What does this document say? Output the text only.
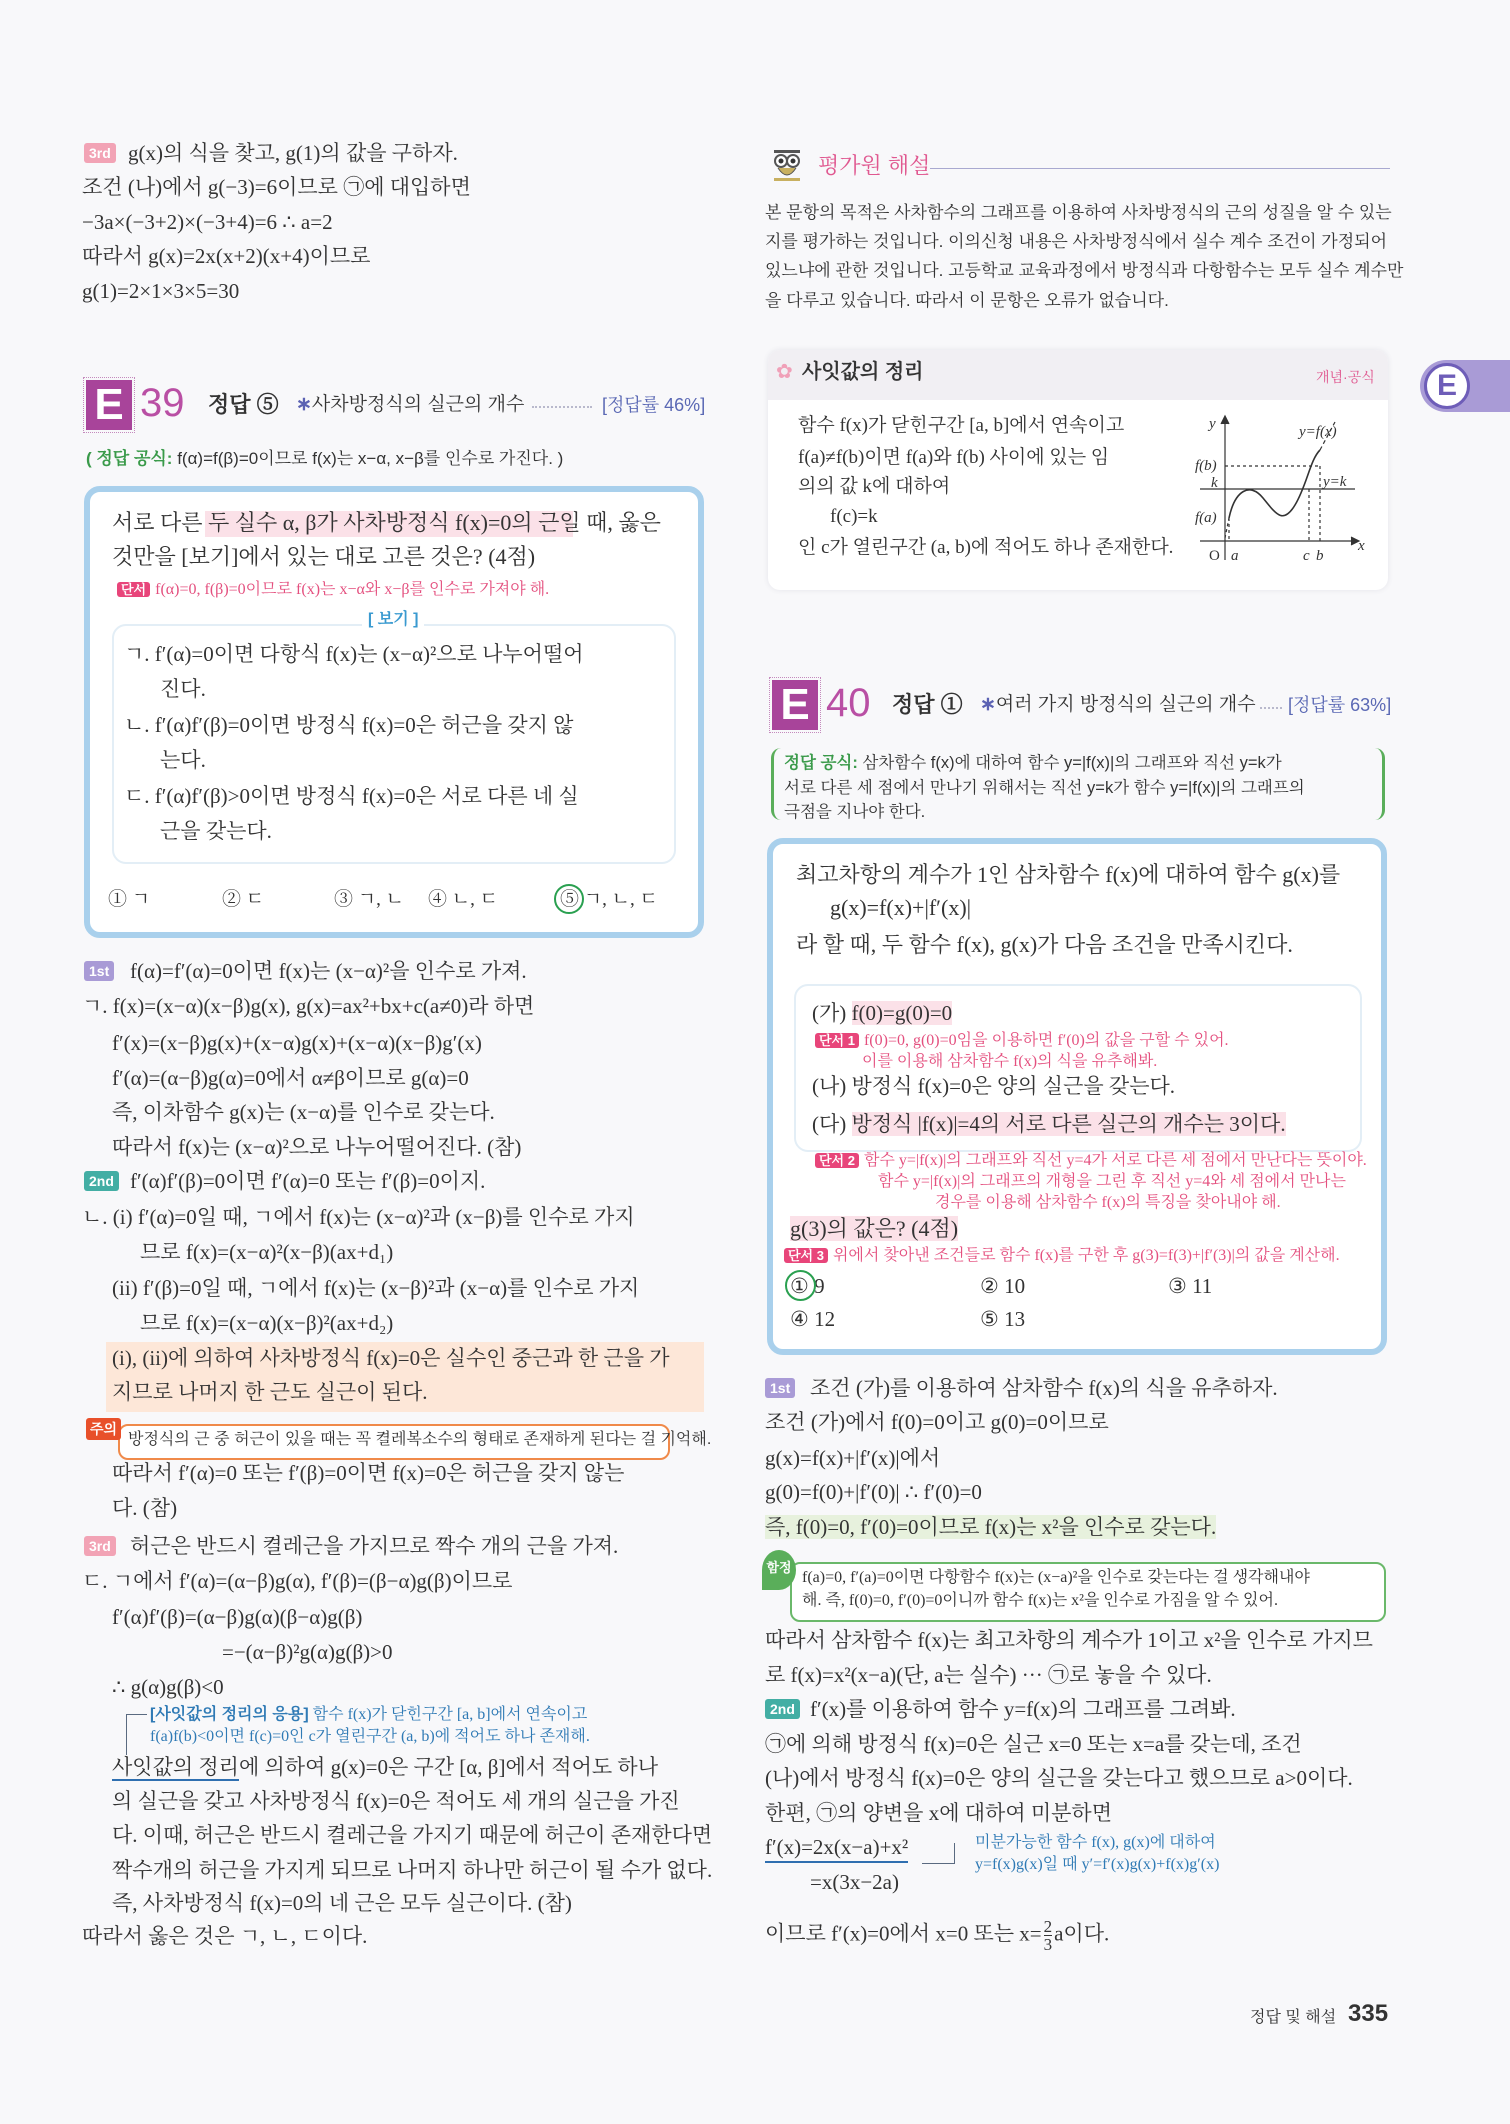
3rd g(x)의 식을 찾고, g(1)의 값을 구하자.
조건 (나)에서 g(−3)=6이므로 ㉠에 대입하면
−3a×(−3+2)×(−3+4)=6 ∴ a=2
따라서 g(x)=2x(x+2)(x+4)이므로
g(1)=2×1×3×5=30
E 39 정답 ⑤ ∗사차방정식의 실근의 개수	[정답률 46%]
( 정답 공식: f(α)=f(β)=0이므로 f(x)는 x−α, x−β를 인수로 가진다. )
서로 다른 두 실수 α, β가 사차방정식 f(x)=0의 근일 때, 옳은
것만을 [보기]에서 있는 대로 고른 것은? (4점)
단서 f(α)=0, f(β)=0이므로 f(x)는 x−α와 x−β를 인수로 가져야 해.
[ 보기 ]
ㄱ. f′(α)=0이면 다항식 f(x)는 (x−α)²으로 나누어떨어
진다.
ㄴ. f′(α)f′(β)=0이면 방정식 f(x)=0은 허근을 갖지 않
는다.
ㄷ. f′(α)f′(β)>0이면 방정식 f(x)=0은 서로 다른 네 실
근을 갖는다.
① ㄱ	② ㄷ	③ ㄱ, ㄴ ④ ㄴ, ㄷ	⑤ ㄱ, ㄴ, ㄷ
1st f(α)=f′(α)=0이면 f(x)는 (x−α)²을 인수로 가져.
ㄱ. f(x)=(x−α)(x−β)g(x), g(x)=ax²+bx+c(a≠0)라 하면
f′(x)=(x−β)g(x)+(x−α)g(x)+(x−α)(x−β)g′(x)
f′(α)=(α−β)g(α)=0에서 α≠β이므로 g(α)=0
즉, 이차함수 g(x)는 (x−α)를 인수로 갖는다.
따라서 f(x)는 (x−α)²으로 나누어떨어진다. (참)
2nd f′(α)f′(β)=0이면 f′(α)=0 또는 f′(β)=0이지.
ㄴ. (i) f′(α)=0일 때, ㄱ에서 f(x)는 (x−α)²과 (x−β)를 인수로 가지
므로 f(x)=(x−α)²(x−β)(ax+d₁)
(ii) f′(β)=0일 때, ㄱ에서 f(x)는 (x−β)²과 (x−α)를 인수로 가지
므로 f(x)=(x−α)(x−β)²(ax+d₂)
(i), (ii)에 의하여 사차방정식 f(x)=0은 실수인 중근과 한 근을 가
지므로 나머지 한 근도 실근이 된다.
주의
방정식의 근 중 허근이 있을 때는 꼭 켤레복소수의 형태로 존재하게 된다는 걸 기억해.
따라서 f′(α)=0 또는 f′(β)=0이면 f(x)=0은 허근을 갖지 않는
다. (참)
3rd 허근은 반드시 켤레근을 가지므로 짝수 개의 근을 가져.
ㄷ. ㄱ에서 f′(α)=(α−β)g(α), f′(β)=(β−α)g(β)이므로
f′(α)f′(β)=(α−β)g(α)(β−α)g(β)
=−(α−β)²g(α)g(β)>0
∴ g(α)g(β)<0
[사잇값의 정리의 응용] 함수 f(x)가 닫힌구간 [a, b]에서 연속이고
f(a)f(b)<0이면 f(c)=0인 c가 열린구간 (a, b)에 적어도 하나 존재해.
사잇값의 정리에 의하여 g(x)=0은 구간 [α, β]에서 적어도 하나
의 실근을 갖고 사차방정식 f(x)=0은 적어도 세 개의 실근을 가진
다. 이때, 허근은 반드시 켤레근을 가지기 때문에 허근이 존재한다면
짝수개의 허근을 가지게 되므로 나머지 하나만 허근이 될 수가 없다.
즉, 사차방정식 f(x)=0의 네 근은 모두 실근이다. (참)
따라서 옳은 것은 ㄱ, ㄴ, ㄷ이다.
평가원 해설
본 문항의 목적은 사차함수의 그래프를 이용하여 사차방정식의 근의 성질을 알 수 있는
지를 평가하는 것입니다. 이의신청 내용은 사차방정식에서 실수 계수 조건이 가정되어
있느냐에 관한 것입니다. 고등학교 교육과정에서 방정식과 다항함수는 모두 실수 계수만
을 다루고 있습니다. 따라서 이 문항은 오류가 없습니다.
✿ 사잇값의 정리	개념·공식
함수 f(x)가 닫힌구간 [a, b]에서 연속이고
f(a)≠f(b)이면 f(a)와 f(b) 사이에 있는 임
의의 값 k에 대하여
f(c)=k
인 c가 열린구간 (a, b)에 적어도 하나 존재한다.
y
x
O
f(b)
k
f(a)
y=f(x)
y=k
a	c b
E
E 40 정답 ① ∗여러 가지 방정식의 실근의 개수 [정답률 63%]
정답 공식: 삼차함수 f(x)에 대하여 함수 y=|f(x)|의 그래프와 직선 y=k가
서로 다른 세 점에서 만나기 위해서는 직선 y=k가 함수 y=|f(x)|의 그래프의
극점을 지나야 한다.
최고차항의 계수가 1인 삼차함수 f(x)에 대하여 함수 g(x)를
g(x)=f(x)+|f′(x)|
라 할 때, 두 함수 f(x), g(x)가 다음 조건을 만족시킨다.
(가) f(0)=g(0)=0
단서 1 f(0)=0, g(0)=0임을 이용하면 f′(0)의 값을 구할 수 있어.
이를 이용해 삼차함수 f(x)의 식을 유추해봐.
(나) 방정식 f(x)=0은 양의 실근을 갖는다.
(다) 방정식 |f(x)|=4의 서로 다른 실근의 개수는 3이다.
단서 2 함수 y=|f(x)|의 그래프와 직선 y=4가 서로 다른 세 점에서 만난다는 뜻이야.
함수 y=|f(x)|의 그래프의 개형을 그린 후 직선 y=4와 세 점에서 만나는
경우를 이용해 삼차함수 f(x)의 특징을 찾아내야 해.
g(3)의 값은? (4점)
단서 3 위에서 찾아낸 조건들로 함수 f(x)를 구한 후 g(3)=f(3)+|f′(3)|의 값을 계산해.
① 9	② 10	③ 11
④ 12	⑤ 13
1st 조건 (가)를 이용하여 삼차함수 f(x)의 식을 유추하자.
조건 (가)에서 f(0)=0이고 g(0)=0이므로
g(x)=f(x)+|f′(x)|에서
g(0)=f(0)+|f′(0)| ∴ f′(0)=0
즉, f(0)=0, f′(0)=0이므로 f(x)는 x²을 인수로 갖는다.
함정
f(a)=0, f′(a)=0이면 다항함수 f(x)는 (x−a)²을 인수로 갖는다는 걸 생각해내야
해. 즉, f(0)=0, f′(0)=0이니까 함수 f(x)는 x²을 인수로 가짐을 알 수 있어.
따라서 삼차함수 f(x)는 최고차항의 계수가 1이고 x²을 인수로 가지므
로 f(x)=x²(x−a)(단, a는 실수) ··· ㉠로 놓을 수 있다.
2nd f′(x)를 이용하여 함수 y=f(x)의 그래프를 그려봐.
㉠에 의해 방정식 f(x)=0은 실근 x=0 또는 x=a를 갖는데, 조건
(나)에서 방정식 f(x)=0은 양의 실근을 갖는다고 했으므로 a>0이다.
한편, ㉠의 양변을 x에 대하여 미분하면
f′(x)=2x(x−a)+x²
=x(3x−2a)
미분가능한 함수 f(x), g(x)에 대하여
y=f(x)g(x)일 때 y′=f′(x)g(x)+f(x)g′(x)
이므로 f′(x)=0에서 x=0 또는 $x= \frac{2}{3}$ a이다.
정답 및 해설 335
